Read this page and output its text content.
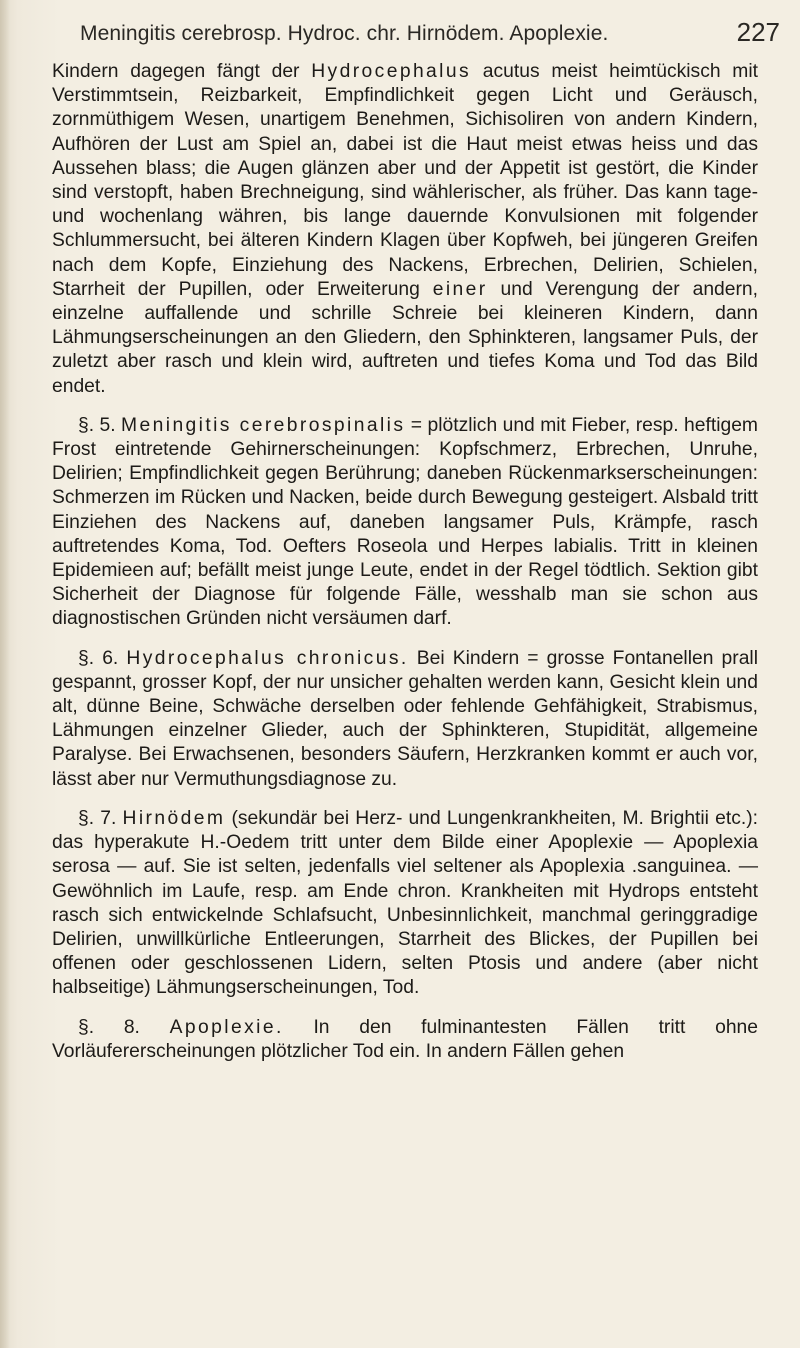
Meningitis cerebrosp. Hydroc. chr. Hirnödem. Apoplexie.	227

Kindern dagegen fängt der Hydrocephalus acutus meist heimtückisch mit Verstimmtsein, Reizbarkeit, Empfindlichkeit gegen Licht und Geräusch, zornmüthigem Wesen, unartigem Benehmen, Sichisoliren von andern Kindern, Aufhören der Lust am Spiel an, dabei ist die Haut meist etwas heiss und das Aussehen blass; die Augen glänzen aber und der Appetit ist gestört, die Kinder sind verstopft, haben Brechneigung, sind wählerischer, als früher. Das kann tage- und wochenlang währen, bis lange dauernde Konvulsionen mit folgender Schlummersucht, bei älteren Kindern Klagen über Kopfweh, bei jüngeren Greifen nach dem Kopfe, Einziehung des Nackens, Erbrechen, Delirien, Schielen, Starrheit der Pupillen, oder Erweiterung einer und Verengung der andern, einzelne auffallende und schrille Schreie bei kleineren Kindern, dann Lähmungserscheinungen an den Gliedern, den Sphinkteren, langsamer Puls, der zuletzt aber rasch und klein wird, auftreten und tiefes Koma und Tod das Bild endet.

§. 5. Meningitis cerebrospinalis = plötzlich und mit Fieber, resp. heftigem Frost eintretende Gehirnerscheinungen: Kopfschmerz, Erbrechen, Unruhe, Delirien; Empfindlichkeit gegen Berührung; daneben Rückenmarkserscheinungen: Schmerzen im Rücken und Nacken, beide durch Bewegung gesteigert. Alsbald tritt Einziehen des Nackens auf, daneben langsamer Puls, Krämpfe, rasch auftretendes Koma, Tod. Oefters Roseola und Herpes labialis. Tritt in kleinen Epidemieen auf; befällt meist junge Leute, endet in der Regel tödtlich. Sektion gibt Sicherheit der Diagnose für folgende Fälle, wesshalb man sie schon aus diagnostischen Gründen nicht versäumen darf.

§. 6. Hydrocephalus chronicus. Bei Kindern = grosse Fontanellen prall gespannt, grosser Kopf, der nur unsicher gehalten werden kann, Gesicht klein und alt, dünne Beine, Schwäche derselben oder fehlende Gehfähigkeit, Strabismus, Lähmungen einzelner Glieder, auch der Sphinkteren, Stupidität, allgemeine Paralyse. Bei Erwachsenen, besonders Säufern, Herzkranken kommt er auch vor, lässt aber nur Vermuthungsdiagnose zu.

§. 7. Hirnödem (sekundär bei Herz- und Lungenkrankheiten, M. Brightii etc.): das hyperakute H.-Oedem tritt unter dem Bilde einer Apoplexie — Apoplexia serosa — auf. Sie ist selten, jedenfalls viel seltener als Apoplexia .sanguinea. — Gewöhnlich im Laufe, resp. am Ende chron. Krankheiten mit Hydrops entsteht rasch sich entwickelnde Schlafsucht, Unbesinnlichkeit, manchmal geringgradige Delirien, unwillkürliche Entleerungen, Starrheit des Blickes, der Pupillen bei offenen oder geschlossenen Lidern, selten Ptosis und andere (aber nicht halbseitige) Lähmungserscheinungen, Tod.

§. 8. Apoplexie. In den fulminantesten Fällen tritt ohne Vorläufererscheinungen plötzlicher Tod ein. In andern Fällen gehen
